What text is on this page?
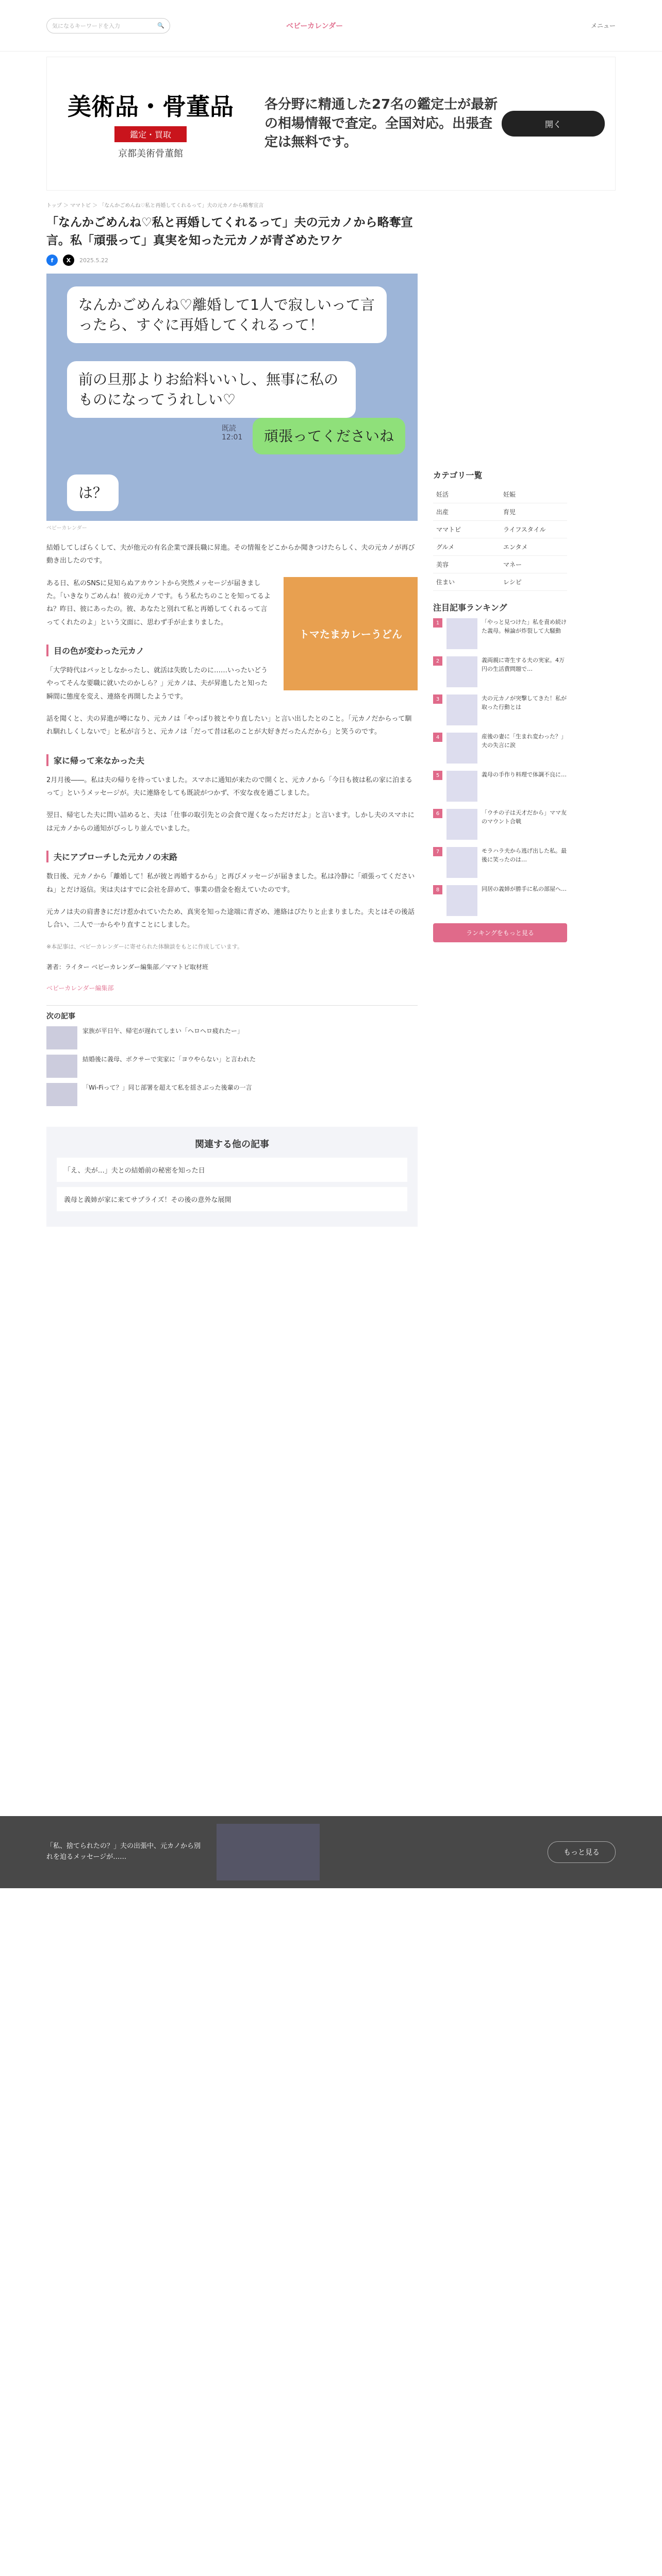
気になるキーワードを入力	🔍	ベビーカレンダー	メニュー
美術品・骨董品
鑑定・買取
京都美術骨董館
各分野に精通した27名の鑑定士が最新の相場情報で査定。全国対応。出張査定は無料です。
開く
トップ ＞ ママトピ ＞ 「なんかごめんね♡私と再婚してくれるって」夫の元カノから略奪宣言
「なんかごめんね♡私と再婚してくれるって」夫の元カノから略奪宣言。私「頑張って」真実を知った元カノが青ざめたワケ
f	X	2025.5.22
なんかごめんね♡離婚して1人で寂しいって言ったら、すぐに再婚してくれるって！
前の旦那よりお給料いいし、無事に私のものになってうれしい♡
既読
12:01	頑張ってくださいね
は？
ベビーカレンダー

結婚してしばらくして、夫が他元の有名企業で課長職に昇進。その情報をどこからか聞きつけたらしく、夫の元カノが再び動き出したのです。

トマたまカレーうどん

ある日、私のSNSに見知らぬアカウントから突然メッセージが届きました。「いきなりごめんね！彼の元カノです。もう私たちのことを知ってるよね？昨日、彼にあったの。彼、あなたと別れて私と再婚してくれるって言ってくれたのよ」という文面に、思わず手が止まりました。

目の色が変わった元カノ

「大学時代はバッとしなかったし、就活は失敗したのに……いったいどうやってそんな要職に就いたのかしら？」元カノは、夫が昇進したと知った瞬間に態度を変え、連絡を再開したようです。

話を聞くと、夫の昇進が噂になり、元カノは「やっぱり彼とやり直したい」と言い出したとのこと。「元カノだからって馴れ馴れしくしないで」と私が言うと、元カノは「だって昔は私のことが大好きだったんだから」と笑うのです。

家に帰って来なかった夫

2月月後――。私は夫の帰りを待っていました。スマホに通知が来たので開くと、元カノから「今日も彼は私の家に泊まるって」というメッセージが。夫に連絡をしても既読がつかず、不安な夜を過ごしました。

翌日、帰宅した夫に問い詰めると、夫は「仕事の取引先との会食で遅くなっただけだよ」と言います。しかし夫のスマホには元カノからの通知がびっしり並んでいました。

夫にアプローチした元カノの末路

数日後、元カノから「離婚して！私が彼と再婚するから」と再びメッセージが届きました。私は冷静に「頑張ってくださいね」とだけ返信。実は夫はすでに会社を辞めて、事業の借金を抱えていたのです。

元カノは夫の肩書きにだけ惹かれていたため、真実を知った途端に青ざめ、連絡はぴたりと止まりました。夫とはその後話し合い、二人で一からやり直すことにしました。

※本記事は、ベビーカレンダーに寄せられた体験談をもとに作成しています。

著者：ライター ベビーカレンダー編集部／ママトピ取材班

ベビーカレンダー編集部

次の記事
家族が平日午、帰宅が遅れてしまい「ヘロヘロ疲れたー」
結婚後に義母、ボクサーで実家に「ヨウやらない」と言われた
「Wi-Fiって？」同じ部署を超えて私を揺さぶった後輩の一言
カテゴリ一覧
妊活	妊娠
出産	育児
ママトピ	ライフスタイル
グルメ	エンタメ
美容	マネー
住まい	レシピ
注目記事ランキング
1	「やっと見つけた」私を責め続けた義母。極論が炸裂して大騒動
2	義両親に寄生する夫の実家。4万円の生活費問題で…
3	夫の元カノが突撃してきた！私が取った行動とは
4	産後の妻に「生まれ変わった？」夫の失言に涙
5	義母の手作り料理で体調不良に…
6	「ウチの子は天才だから」ママ友のマウント合戦
7	モラハラ夫から逃げ出した私。最後に笑ったのは…
8	同居の義姉が勝手に私の部屋へ…
ランキングをもっと見る
関連する他の記事
「え、夫が…」夫との結婚前の秘密を知った日
義母と義姉が家に来てサプライズ！その後の意外な展開
「私、捨てられたの？」夫の出張中、元カノから別れを迫るメッセージが……
もっと見る
